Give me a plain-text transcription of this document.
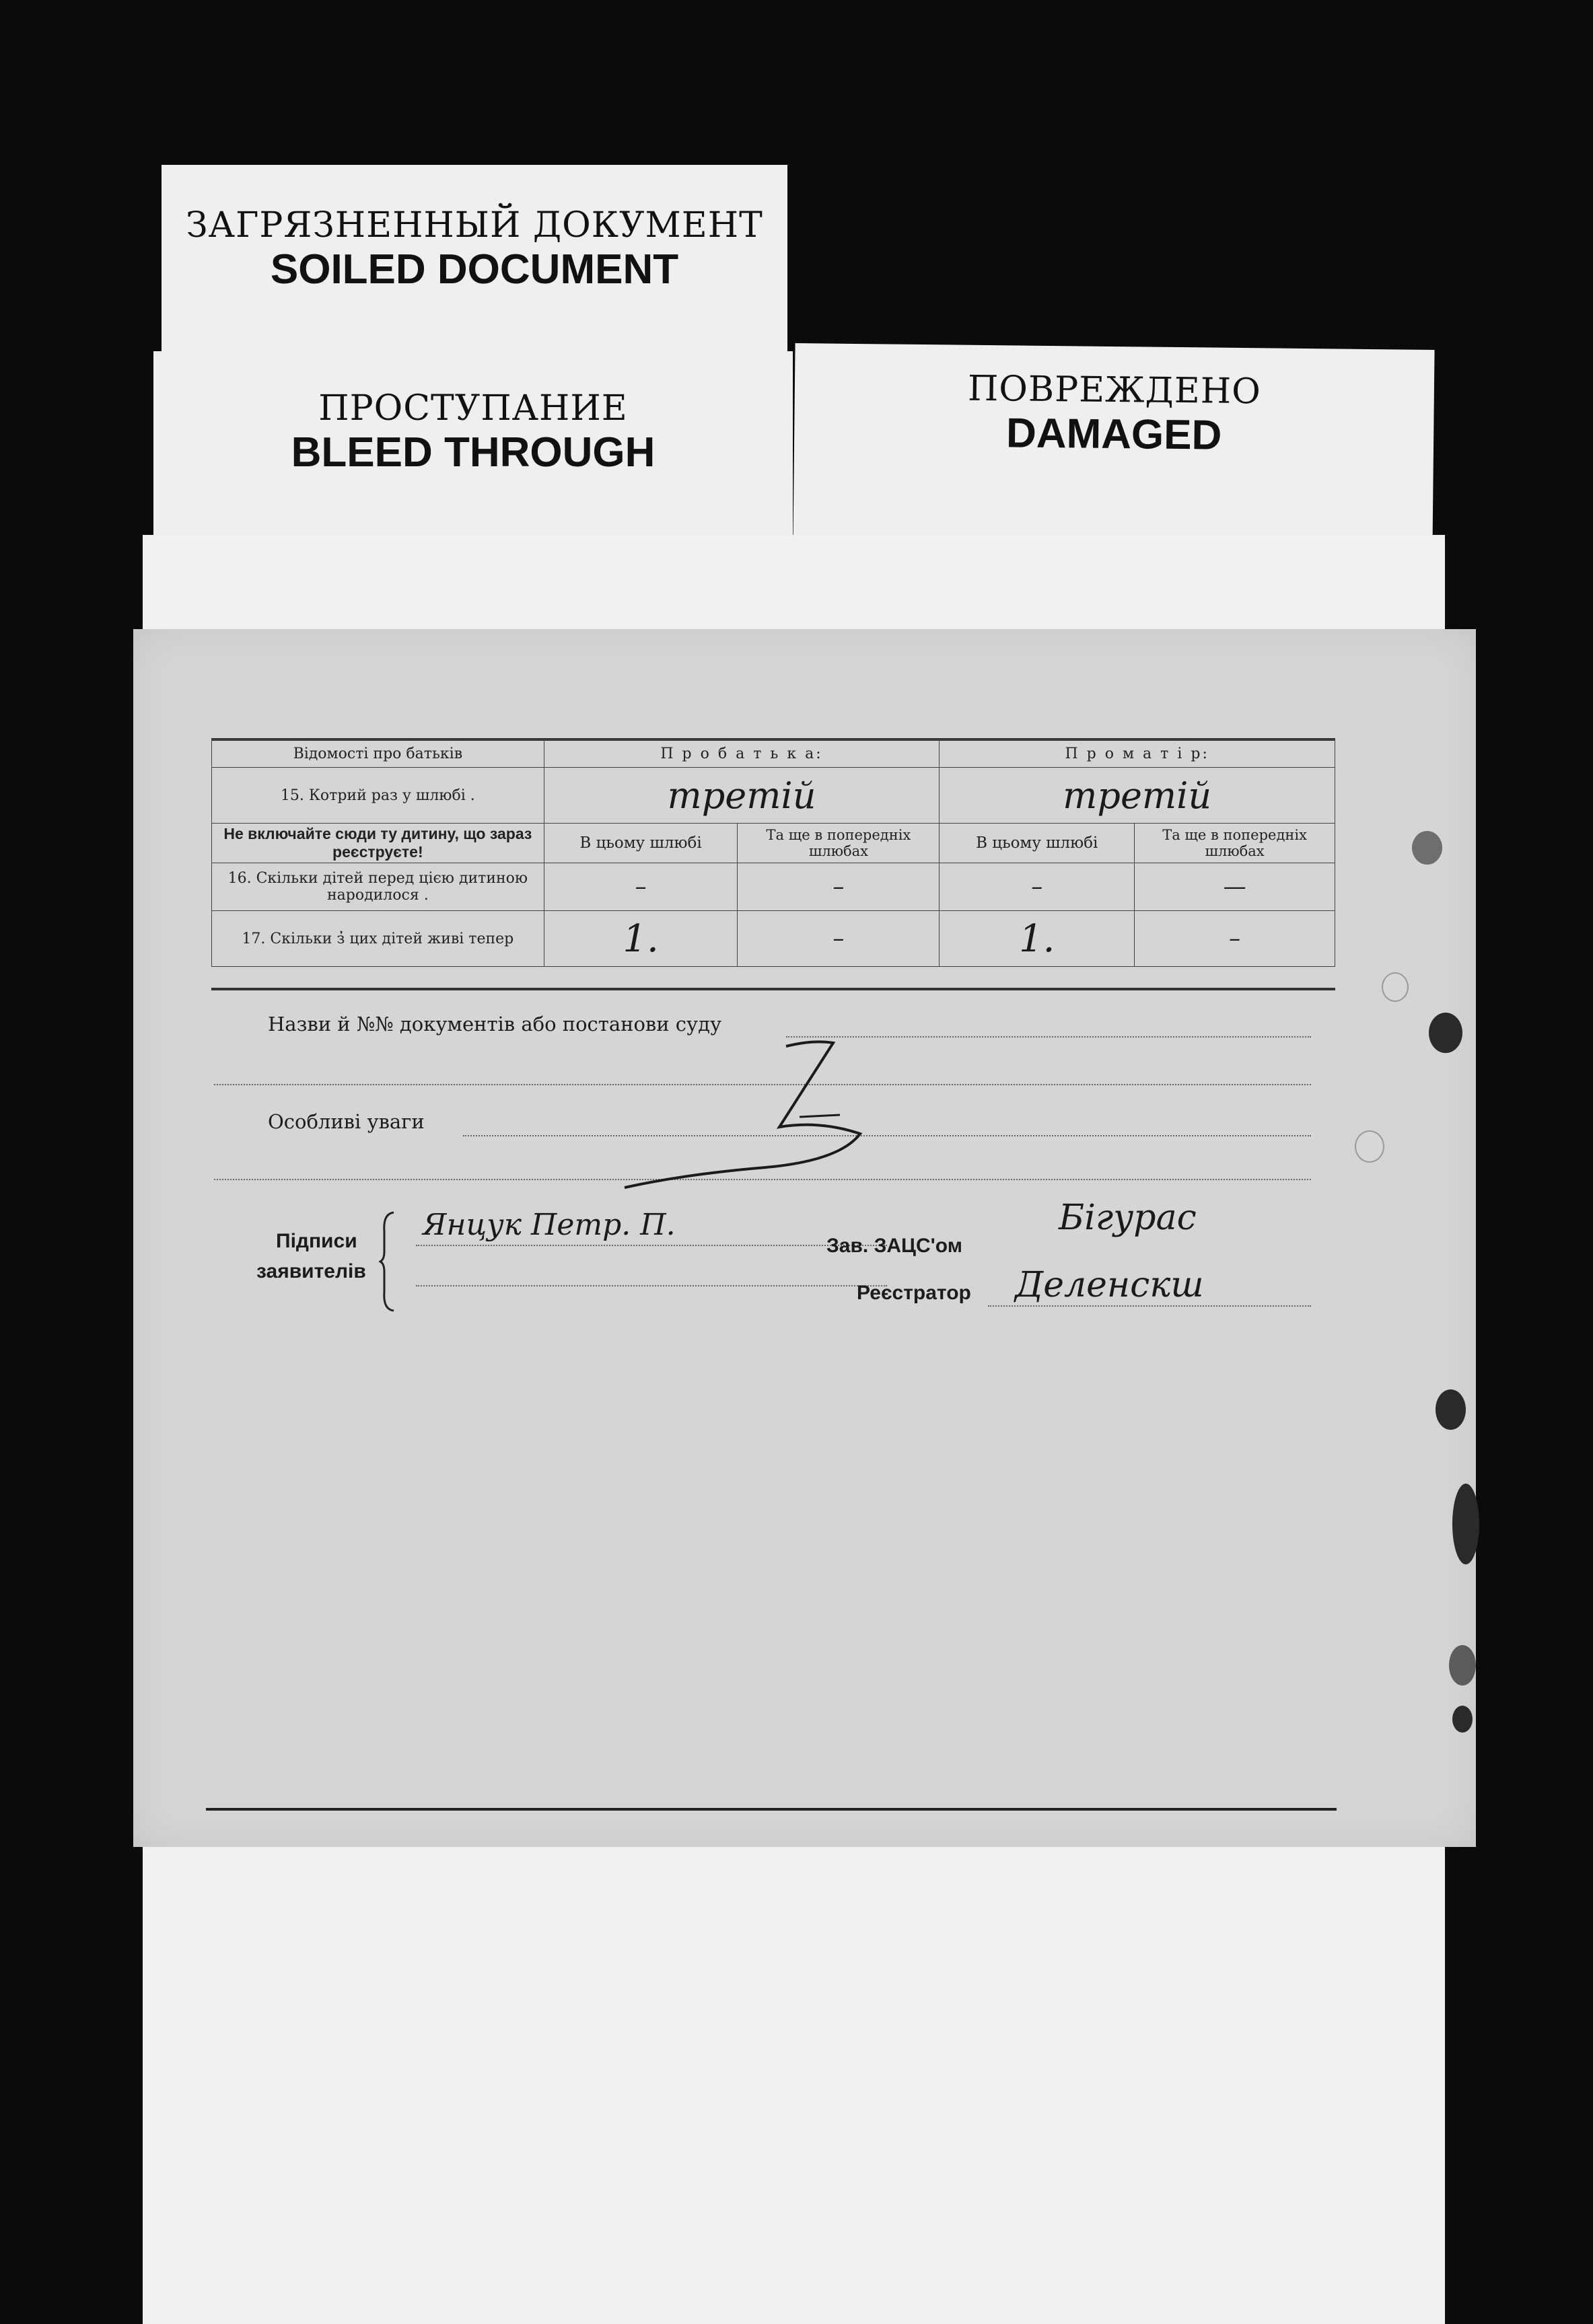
ЗАГРЯЗНЕННЫЙ ДОКУМЕНТ
SOILED DOCUMENT
ПРОСТУПАНИЕ
BLEED THROUGH
ПОВРЕЖДЕНО
DAMAGED
Відомості про батьків	П р о б а т ь к а:		П р о м а т і р:	
15. Котрий раз у шлюбі .	третій		третій	
Не включайте сюди ту дитину, що зараз реєструєте!	В цьому шлюбі	Та ще в попередніх шлюбах	В цьому шлюбі	Та ще в попередніх шлюбах
16. Скільки дітей перед цією дитиною народилося .	–	–	–	—
17. Скільки з̓ цих дітей живі тепер	1.	–	1.	–
Назви й №№ документів або постанови суду
Особливі уваги
Підписи
заявителів
Янцук Петр. П.
Зав. ЗАЦС'ом
Бігурас
Реєстратор Деленскш
